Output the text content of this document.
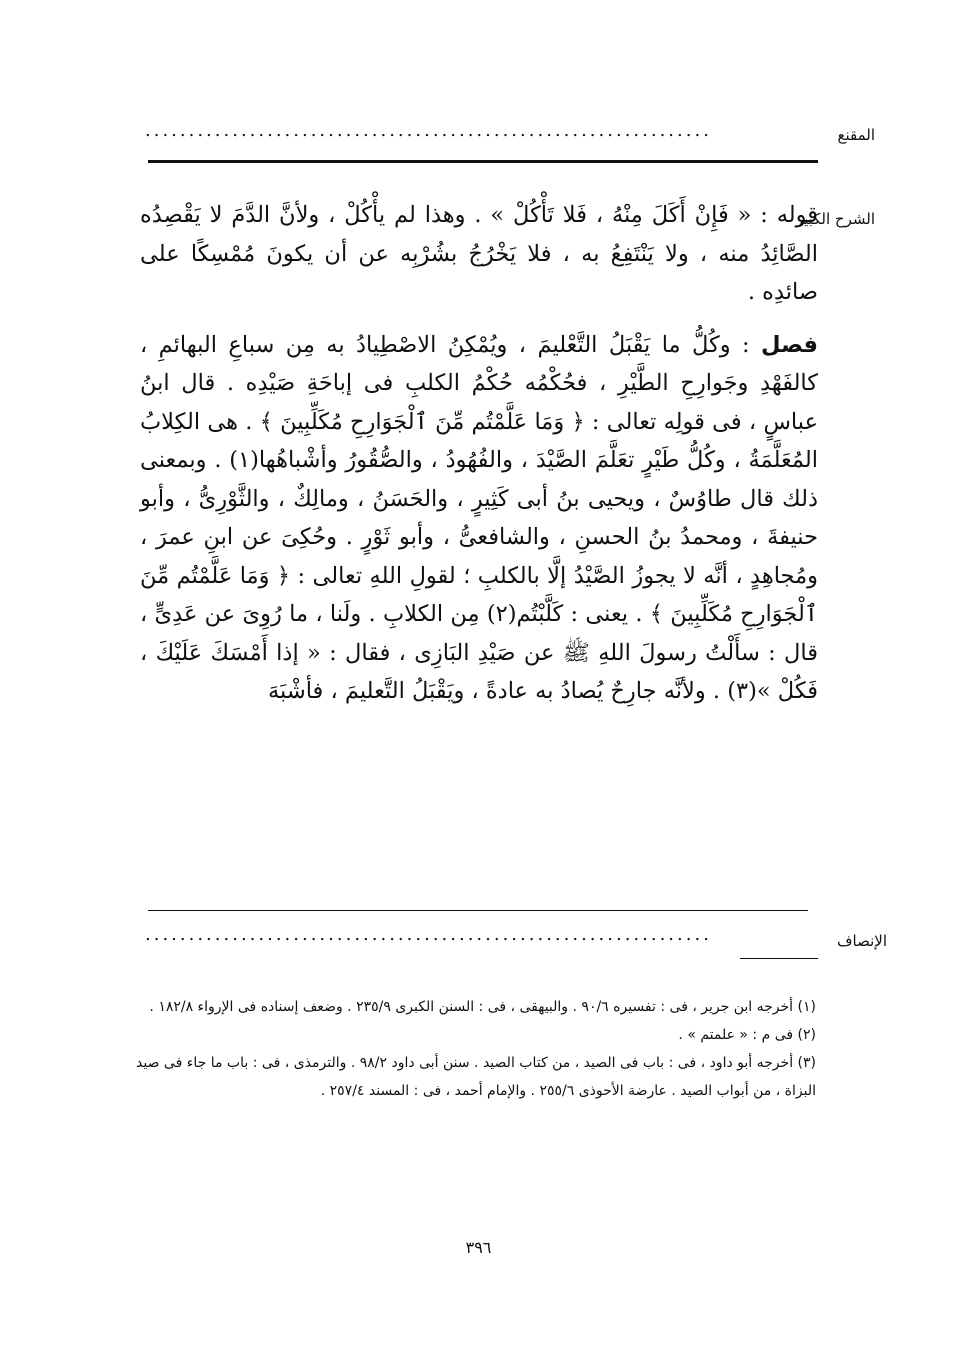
المقنع
.................................................................
الشرح الكبير

قوله : « فَإِنْ أَكَلَ مِنْهُ ، فَلا تَأْكُلْ » . وهذا لم يأْكُلْ ، ولأنَّ الدَّمَ لا يَقْصِدُه الصَّائِدُ منه ، ولا يَنْتَفِعُ به ، فلا يَخْرُجُ بشُرْبِه عن أن يكونَ مُمْسِكًا على صائدِه .

فصل : وكُلُّ ما يَقْبَلُ التَّعْليمَ ، ويُمْكِنُ الاصْطِيادُ به مِن سباعِ البهائمِ ، كالفَهْدِ وجَوارِحِ الطَّيْرِ ، فحُكْمُه حُكْمُ الكلبِ فى إباحَةِ صَيْدِه . قال ابنُ عباسٍ ، فى قولِه تعالى : ﴿ وَمَا عَلَّمْتُم مِّنَ ٱلْجَوَارِحِ مُكَلِّبِينَ ﴾ . هى الكِلابُ المُعَلَّمَةُ ، وكُلُّ طَيْرٍ تعَلَّمَ الصَّيْدَ ، والفُهُودُ ، والصُّقُورُ وأشْباهُها(١) . وبمعنى ذلك قال طاوُسٌ ، ويحيى بنُ أبى كَثِيرٍ ، والحَسَنُ ، ومالِكٌ ، والثَّوْرِىُّ ، وأبو حنيفةَ ، ومحمدُ بنُ الحسنِ ، والشافعىُّ ، وأبو ثَوْرٍ . وحُكِىَ عن ابنِ عمرَ ، ومُجاهِدٍ ، أنَّه لا يجوزُ الصَّيْدُ إلَّا بالكلبِ ؛ لقولِ اللهِ تعالى : ﴿ وَمَا عَلَّمْتُم مِّنَ ٱلْجَوَارِحِ مُكَلِّبِينَ ﴾ . يعنى : كَلَّبْتُم(٢) مِن الكلابِ . ولَنا ، ما رُوِىَ عن عَدِىٍّ ، قال : سأَلْتُ رسولَ اللهِ ﷺ عن صَيْدِ البَازِى ، فقال : « إذا أَمْسَكَ عَلَيْكَ ، فَكُلْ »(٣) . ولأنَّه جارِحٌ يُصادُ به عادةً ، ويَقْبَلُ التَّعليمَ ، فأشْبَهَ

الإنصاف
.................................................................

(١) أخرجه ابن جرير ، فى : تفسيره ٩٠/٦ . والبيهقى ، فى : السنن الكبرى ٢٣٥/٩ . وضعف إسناده فى الإرواء ١٨٢/٨ .

(٢) فى م : « علمتم » .

(٣) أخرجه أبو داود ، فى : باب فى الصيد ، من كتاب الصيد . سنن أبى داود ٩٨/٢ . والترمذى ، فى : باب ما جاء فى صيد البزاة ، من أبواب الصيد . عارضة الأحوذى ٢٥٥/٦ . والإمام أحمد ، فى : المسند ٢٥٧/٤ .

٣٩٦
